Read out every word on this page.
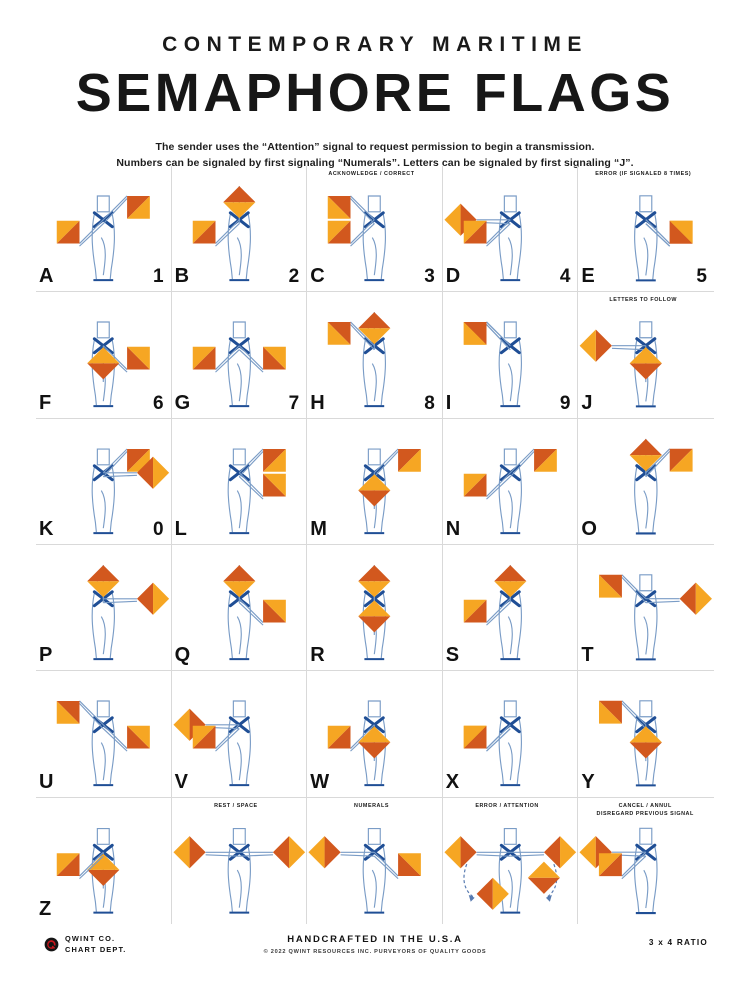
CONTEMPORARY MARITIME
SEMAPHORE FLAGS
The sender uses the “Attention” signal to request permission to begin a transmission.
Numbers can be signaled by first signaling “Numerals”. Letters can be signaled by first signaling “J”.
A	1 B	2
ACKNOWLEDGE / CORRECT
C	3 D	4
ERROR (IF SIGNALED 8 TIMES)
E	5
F	6 G	7 H	8 I	9
LETTERS TO FOLLOW
J
K	0 L	M	N	O
P	Q	R	S	T
U	V	W	X	Y
Z
REST / SPACE	NUMERALS	ERROR / ATTENTION	CANCEL / ANNUL
DISREGARD PREVIOUS SIGNAL
QWINT CO.
CHART DEPT.
HANDCRAFTED IN THE U.S.A
© 2022 QWINT RESOURCES INC. PURVEYORS OF QUALITY GOODS
3 x 4 RATIO
